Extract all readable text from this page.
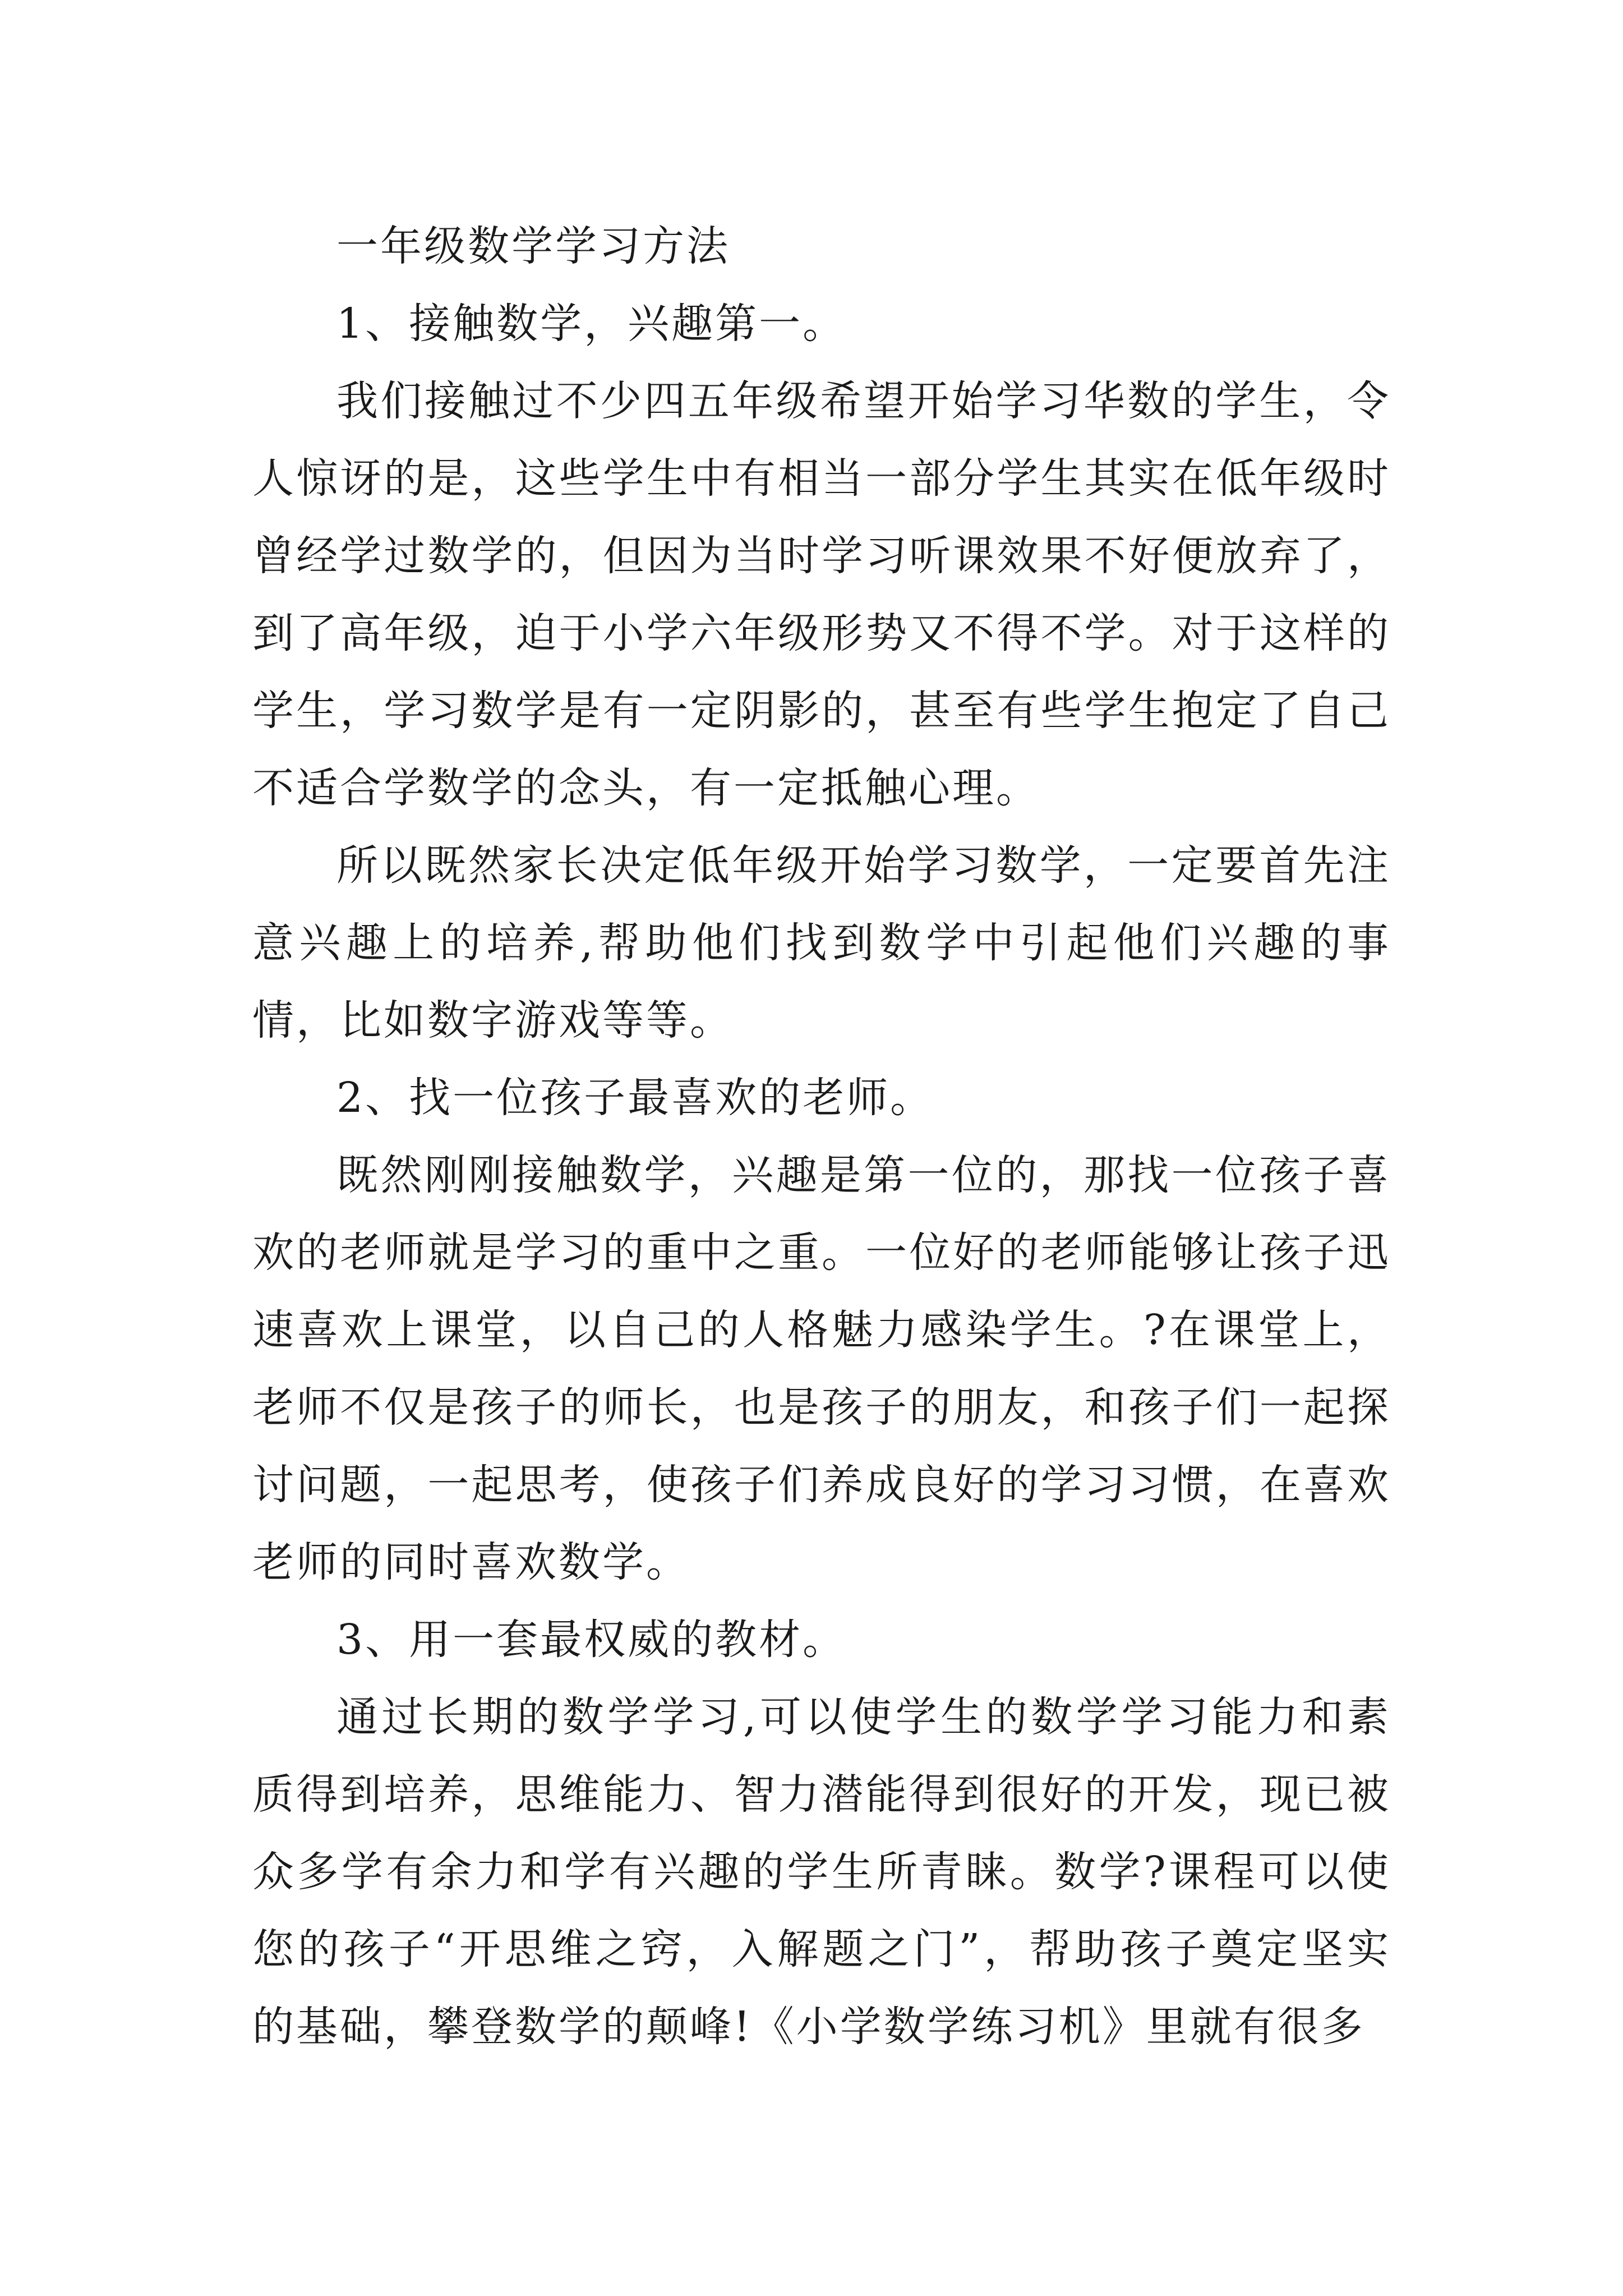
一年级数学学习方法

1、接触数学，兴趣第一。

我们接触过不少四五年级希望开始学习华数的学生，令人惊讶的是，这些学生中有相当一部分学生其实在低年级时曾经学过数学的，但因为当时学习听课效果不好便放弃了，到了高年级，迫于小学六年级形势又不得不学。对于这样的学生，学习数学是有一定阴影的，甚至有些学生抱定了自己不适合学数学的念头，有一定抵触心理。

所以既然家长决定低年级开始学习数学，一定要首先注意兴趣上的培养,帮助他们找到数学中引起他们兴趣的事情，比如数字游戏等等。

2、找一位孩子最喜欢的老师。

既然刚刚接触数学，兴趣是第一位的，那找一位孩子喜欢的老师就是学习的重中之重。一位好的老师能够让孩子迅速喜欢上课堂，以自己的人格魅力感染学生。?在课堂上，老师不仅是孩子的师长，也是孩子的朋友，和孩子们一起探讨问题，一起思考，使孩子们养成良好的学习习惯，在喜欢老师的同时喜欢数学。

3、用一套最权威的教材。

通过长期的数学学习,可以使学生的数学学习能力和素质得到培养，思维能力、智力潜能得到很好的开发，现已被众多学有余力和学有兴趣的学生所青睐。数学?课程可以使您的孩子“开思维之窍，入解题之门”，帮助孩子奠定坚实的基础，攀登数学的颠峰!《小学数学练习机》里就有很多
